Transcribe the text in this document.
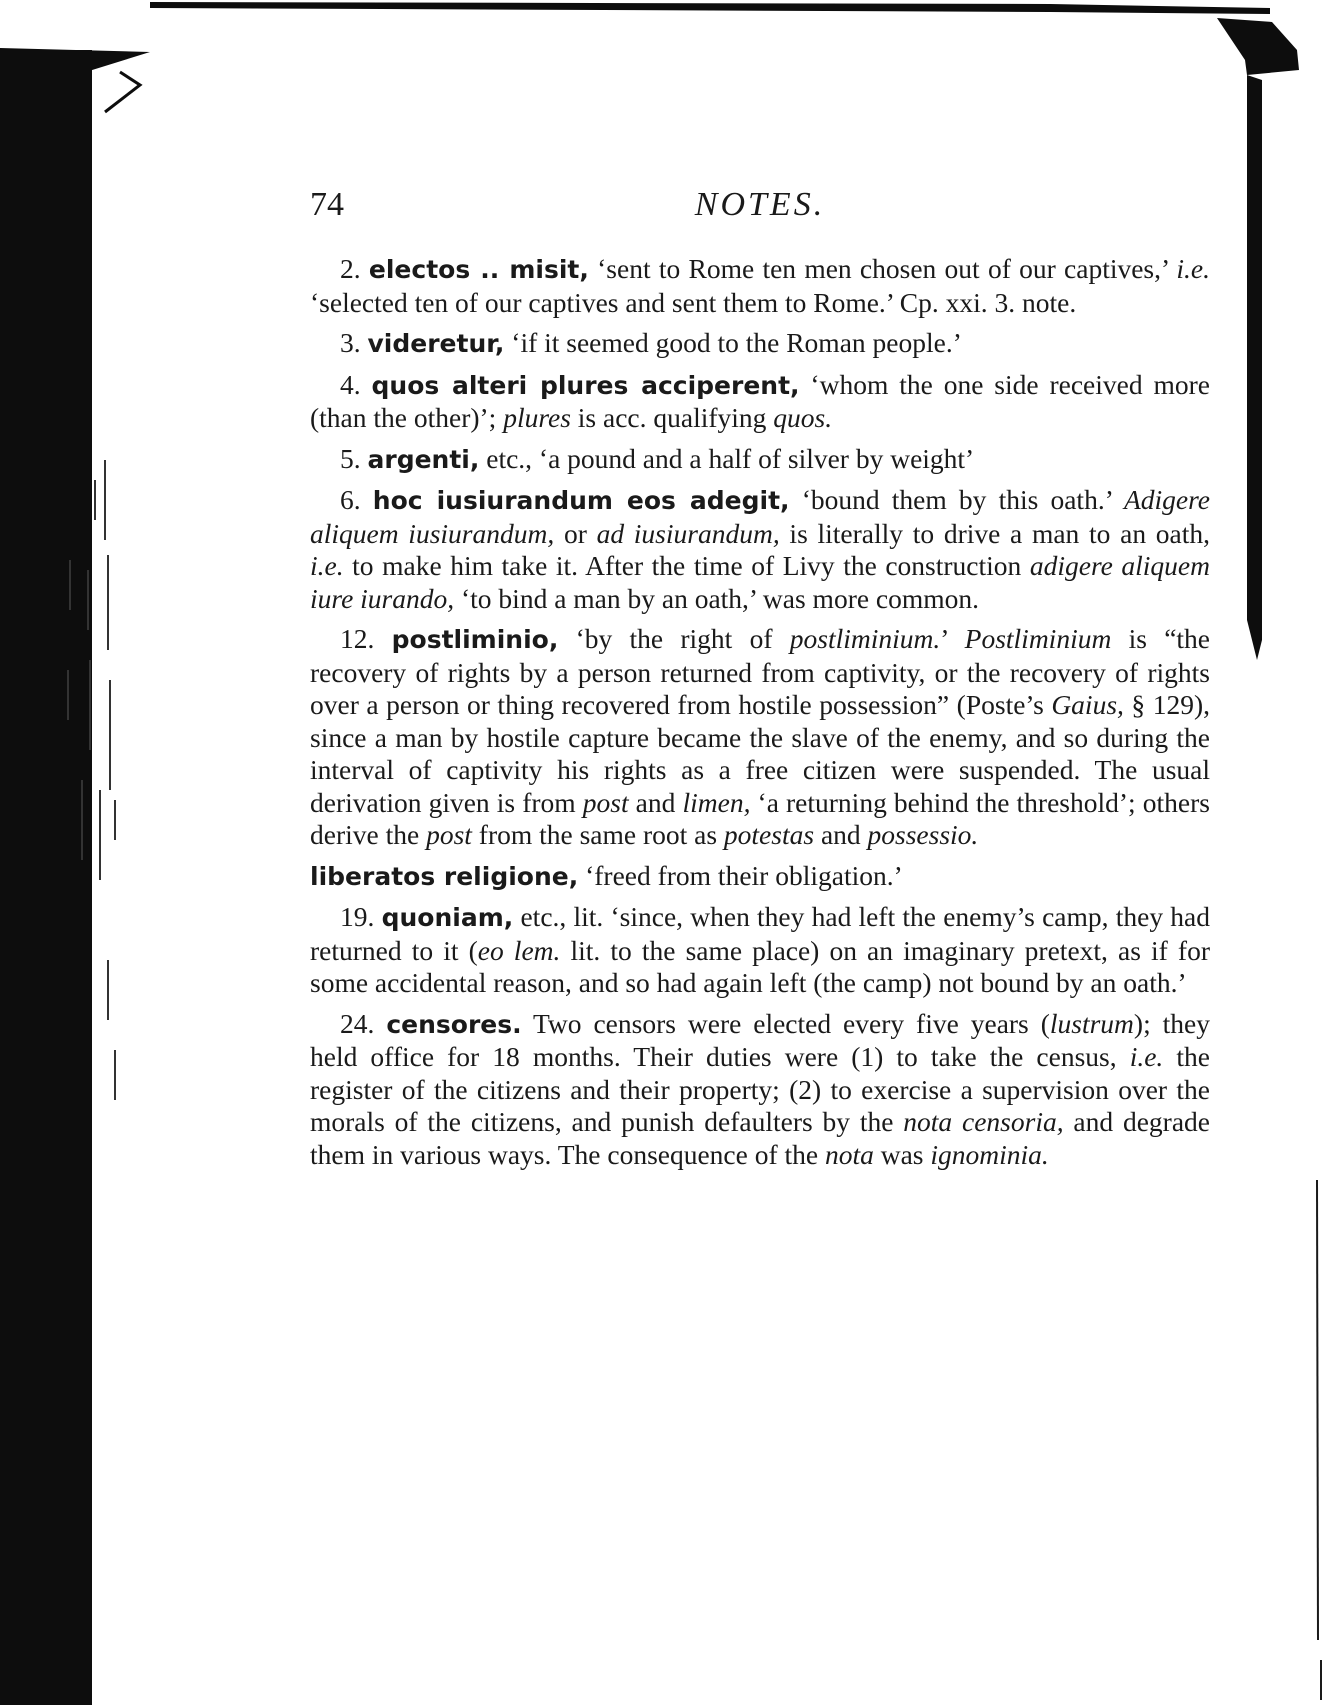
74	NOTES.

2. electos .. misit, ‘sent to Rome ten men chosen out of our captives,’ i.e. ‘selected ten of our captives and sent them to Rome.’ Cp. xxi. 3. note.

3. videretur, ‘if it seemed good to the Roman people.’

4. quos alteri plures acciperent, ‘whom the one side received more (than the other)’; plures is acc. qualifying quos.

5. argenti, etc., ‘a pound and a half of silver by weight’

6. hoc iusiurandum eos adegit, ‘bound them by this oath.’ Adigere aliquem iusiurandum, or ad iusiurandum, is literally to drive a man to an oath, i.e. to make him take it. After the time of Livy the construction adigere aliquem iure iurando, ‘to bind a man by an oath,’ was more common.

12. postliminio, ‘by the right of postliminium.’ Postliminium is “the recovery of rights by a person returned from captivity, or the recovery of rights over a person or thing recovered from hostile possession” (Poste’s Gaius, § 129), since a man by hostile capture became the slave of the enemy, and so during the interval of captivity his rights as a free citizen were suspended. The usual derivation given is from post and limen, ‘a returning behind the threshold’; others derive the post from the same root as potestas and possessio.

liberatos religione, ‘freed from their obligation.’

19. quoniam, etc., lit. ‘since, when they had left the enemy’s camp, they had returned to it (eo lem. lit. to the same place) on an imaginary pretext, as if for some accidental reason, and so had again left (the camp) not bound by an oath.’

24. censores. Two censors were elected every five years (lustrum); they held office for 18 months. Their duties were (1) to take the census, i.e. the register of the citizens and their property; (2) to exercise a supervision over the morals of the citizens, and punish defaulters by the nota censoria, and degrade them in various ways. The consequence of the nota was ignominia.
